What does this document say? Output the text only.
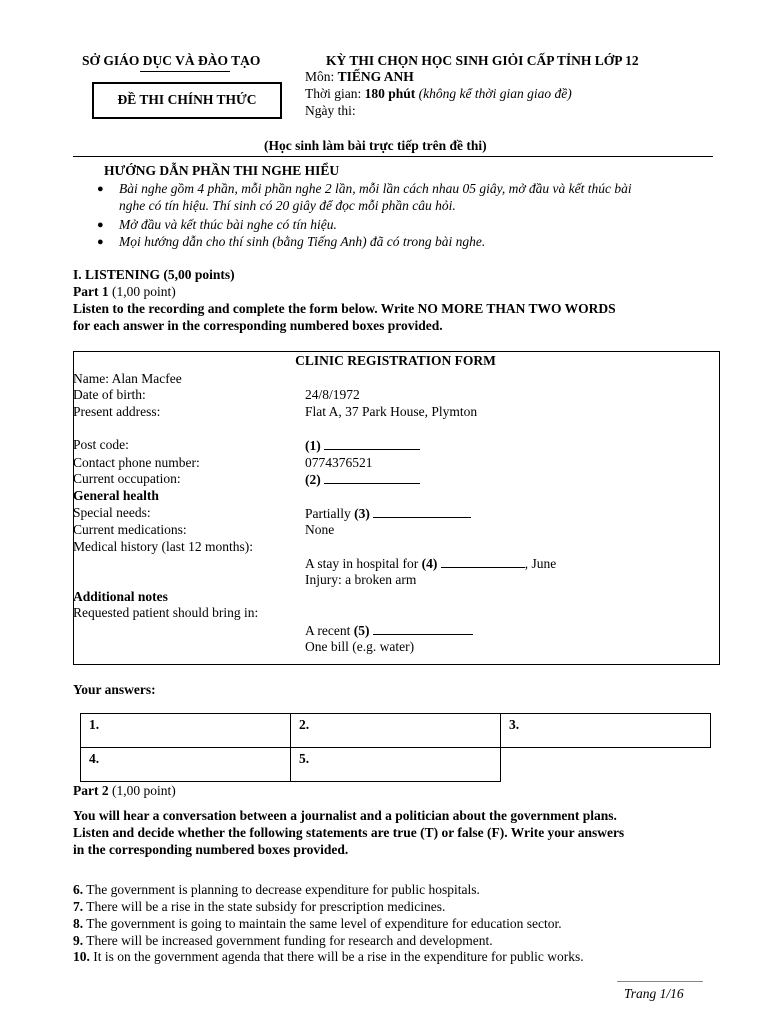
SỞ GIÁO DỤC VÀ ĐÀO TẠO
ĐỀ THI CHÍNH THỨC
KỲ THI CHỌN HỌC SINH GIỎI CẤP TỈNH LỚP 12
Môn: TIẾNG ANH
Thời gian: 180 phút (không kể thời gian giao đề)
Ngày thi:
(Học sinh làm bài trực tiếp trên đề thi)
HƯỚNG DẪN PHẦN THI NGHE HIỂU
● Bài nghe gồm 4 phần, mỗi phần nghe 2 lần, mỗi lần cách nhau 05 giây, mở đầu và kết thúc bài
nghe có tín hiệu. Thí sinh có 20 giây để đọc mỗi phần câu hỏi.
● Mở đầu và kết thúc bài nghe có tín hiệu.
● Mọi hướng dẫn cho thí sinh (bằng Tiếng Anh) đã có trong bài nghe.
I. LISTENING (5,00 points)
Part 1 (1,00 point)
Listen to the recording and complete the form below. Write NO MORE THAN TWO WORDS
for each answer in the corresponding numbered boxes provided.
CLINIC REGISTRATION FORM
Name: Alan Macfee
Date of birth:	24/8/1972
Present address:	Flat A, 37 Park House, Plymton
Post code:	(1)
Contact phone number:	0774376521
Current occupation:	(2)
General health
Special needs:	Partially (3)
Current medications:	None
Medical history (last 12 months):
A stay in hospital for (4)	, June
Injury: a broken arm
Additional notes
Requested patient should bring in:
A recent (5)
One bill (e.g. water)
Your answers:
1.	2.	3.
4.	5.	
Part 2 (1,00 point)
You will hear a conversation between a journalist and a politician about the government plans.
Listen and decide whether the following statements are true (T) or false (F). Write your answers
in the corresponding numbered boxes provided.
6. The government is planning to decrease expenditure for public hospitals.
7. There will be a rise in the state subsidy for prescription medicines.
8. The government is going to maintain the same level of expenditure for education sector.
9. There will be increased government funding for research and development.
10. It is on the government agenda that there will be a rise in the expenditure for public works.
Trang 1/16
